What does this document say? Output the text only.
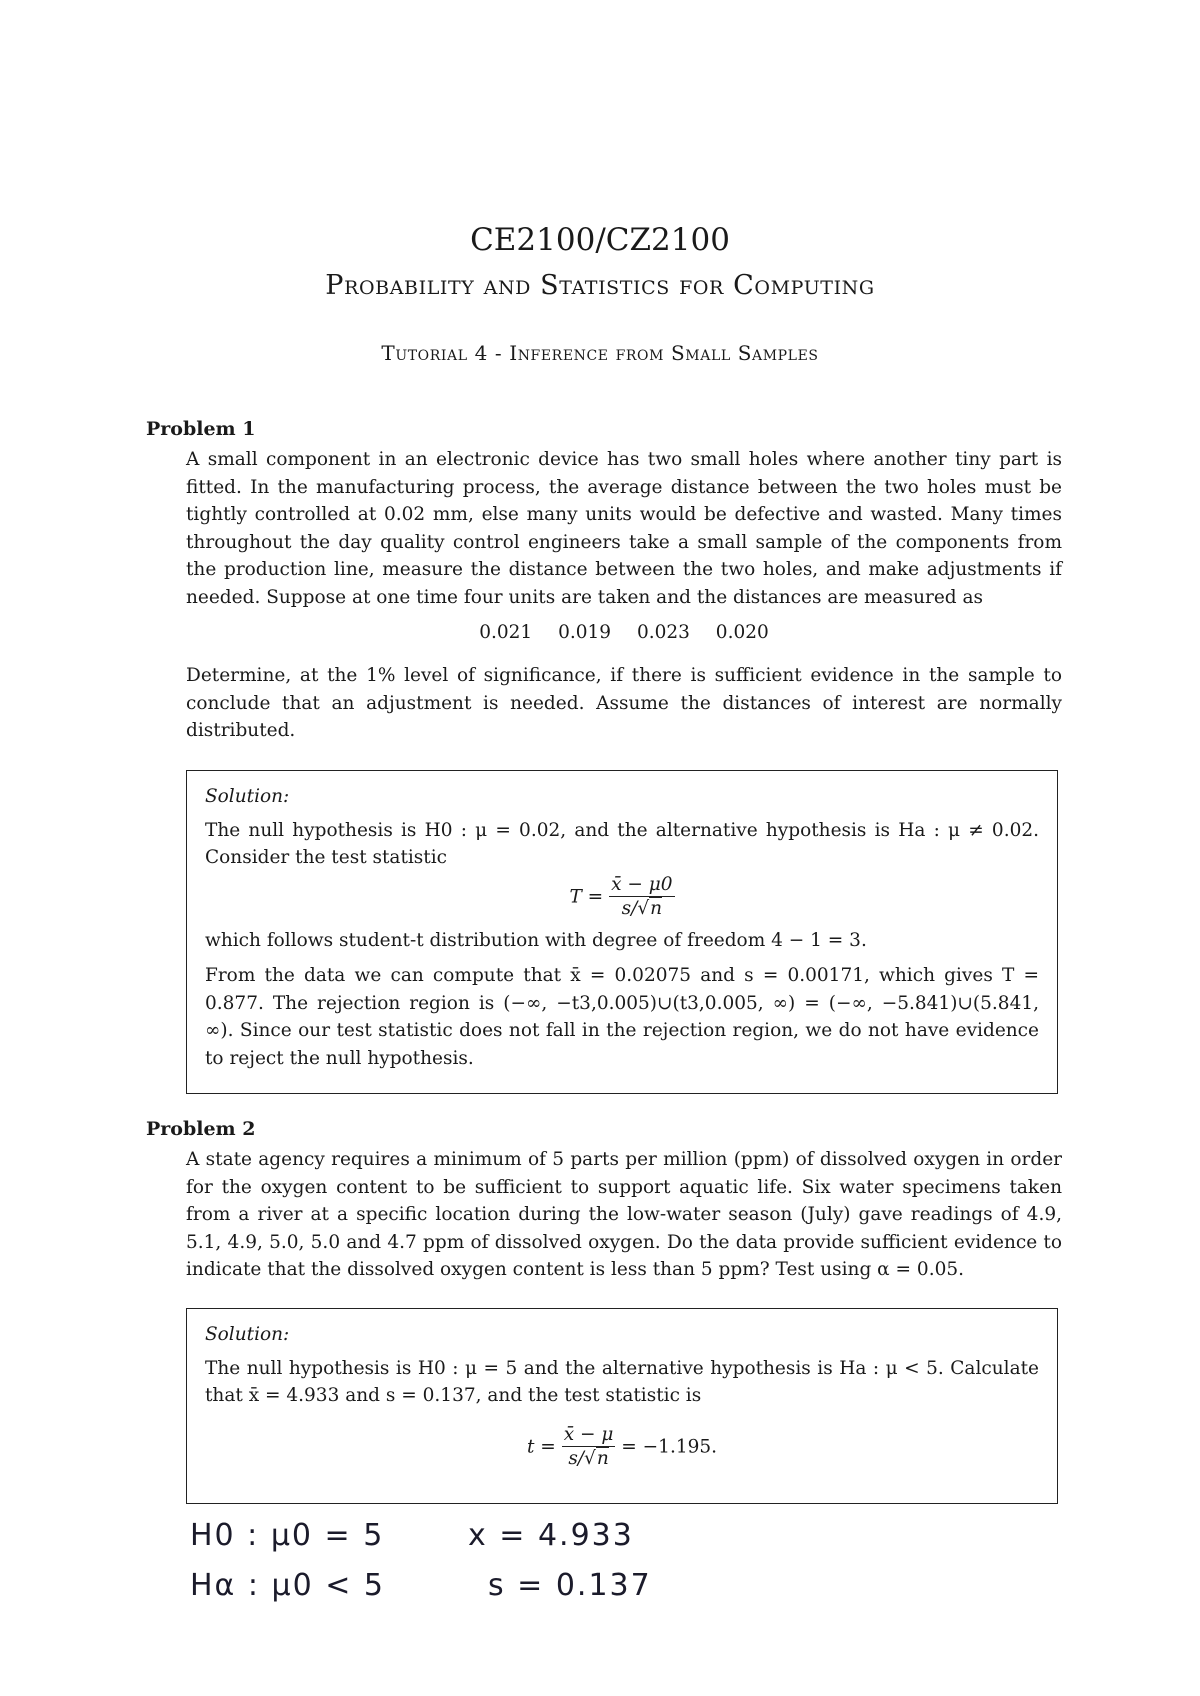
CE2100/CZ2100
Probability and Statistics for Computing
Tutorial 4 - Inference from Small Samples
Problem 1
A small component in an electronic device has two small holes where another tiny part is fitted. In the manufacturing process, the average distance between the two holes must be tightly controlled at 0.02 mm, else many units would be defective and wasted. Many times throughout the day quality control engineers take a small sample of the components from the production line, measure the distance between the two holes, and make adjustments if needed. Suppose at one time four units are taken and the distances are measured as
0.021 0.019 0.023 0.020
Determine, at the 1% level of significance, if there is sufficient evidence in the sample to conclude that an adjustment is needed. Assume the distances of interest are normally distributed.
Solution:

The null hypothesis is H0 : μ = 0.02, and the alternative hypothesis is Ha : μ ≠ 0.02. Consider the test statistic

$T = \frac{x̄ - \mu 0}{s/√n}$

which follows student-t distribution with degree of freedom 4 − 1 = 3.

From the data we can compute that x̄ = 0.02075 and s = 0.00171, which gives T = 0.877. The rejection region is (−∞, −t3,0.005)∪(t3,0.005, ∞) = (−∞, −5.841)∪(5.841, ∞). Since our test statistic does not fall in the rejection region, we do not have evidence to reject the null hypothesis.

Problem 2
A state agency requires a minimum of 5 parts per million (ppm) of dissolved oxygen in order for the oxygen content to be sufficient to support aquatic life. Six water specimens taken from a river at a specific location during the low-water season (July) gave readings of 4.9, 5.1, 4.9, 5.0, 5.0 and 4.7 ppm of dissolved oxygen. Do the data provide sufficient evidence to indicate that the dissolved oxygen content is less than 5 ppm? Test using α = 0.05.
Solution:

The null hypothesis is H0 : μ = 5 and the alternative hypothesis is Ha : μ < 5. Calculate that x̄ = 4.933 and s = 0.137, and the test statistic is

$t = \frac{x̄ - \mu}{s/√n} = -1.195$.
H0 : μ0 = 5	x = 4.933
Hα : μ0 < 5	s = 0.137
